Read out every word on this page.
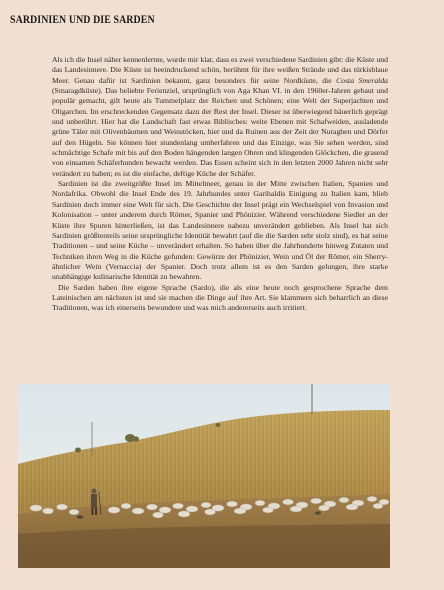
SARDINIEN UND DIE SARDEN

Als ich die Insel näher kennenlernte, wurde mir klar, dass es zwei verschiedene Sardinien gibt: die Küste und das Landesinnere. Die Küste ist beeindruckend schön, berühmt für ihre weißen Strände und das türkisblaue Meer. Genau dafür ist Sardinien bekannt, ganz besonders für seine Nordküste, die Costa Smeralda (Smaragdküste). Das beliebte Ferienziel, ursprünglich von Aga Khan VI. in den 1960er-Jahren gebaut und populär gemacht, gilt heute als Tummelplatz der Reichen und Schönen; eine Welt der Superjachten und Oligarchen. Im erschreckenden Gegensatz dazu der Rest der Insel. Dieser ist überwiegend bäuerlich geprägt und unberührt. Hier hat die Landschaft fast etwas Biblisches: weite Ebenen mit Schafweiden, ausladende grüne Täler mit Olivenbäumen und Weinstöcken, hier und da Ruinen aus der Zeit der Nuraghen und Dörfer auf den Hügeln. Sie können hier stundenlang umherfahren und das Einzige, was Sie sehen werden, sind schmächtige Schafe mit bis auf den Boden hängenden langen Ohren und klingenden Glöckchen, die grasend von einsamen Schäferhunden bewacht werden. Das Essen scheint sich in den letzten 2000 Jahren nicht sehr verändert zu haben; es ist die einfache, deftige Küche der Schäfer.

Sardinien ist die zweitgrößte Insel im Mittelmeer, genau in der Mitte zwischen Italien, Spanien und Nordafrika. Obwohl die Insel Ende des 19. Jahrhundes unter Garibaldis Einigung zu Italien kam, blieb Sardinien doch immer eine Welt für sich. Die Geschichte der Insel prägt ein Wechselspiel von Invasion und Kolonisation – unter anderem durch Römer, Spanier und Phönizier. Während verschiedene Siedler an der Küste ihre Spuren hinterließen, ist das Landesinnere nahezu unverändert geblieben. Als Insel hat sich Sardinien größtenteils seine ursprüngliche Identität bewahrt (auf die die Sarden sehr stolz sind), es hat seine Traditionen – und seine Küche – unverändert erhalten. So haben über die Jahrhunderte hinweg Zutaten und Techniken ihren Weg in die Küche gefunden: Gewürze der Phönizier, Wein und Öl der Römer, ein Sherry-ähnlicher Wein (Vernaccia) der Spanier. Doch trotz allem ist es den Sarden gelungen, ihre starke unabhängige kulinarische Identität zu bewahren.

Die Sarden haben ihre eigene Sprache (Sardo), die als eine heute noch gesprochene Sprache dem Lateinischen am nächsten ist und sie machen die Dinge auf ihre Art. Sie klammern sich beharrlich an diese Traditionen, was ich einerseits bewundere und was mich andererseits auch irritiert.
